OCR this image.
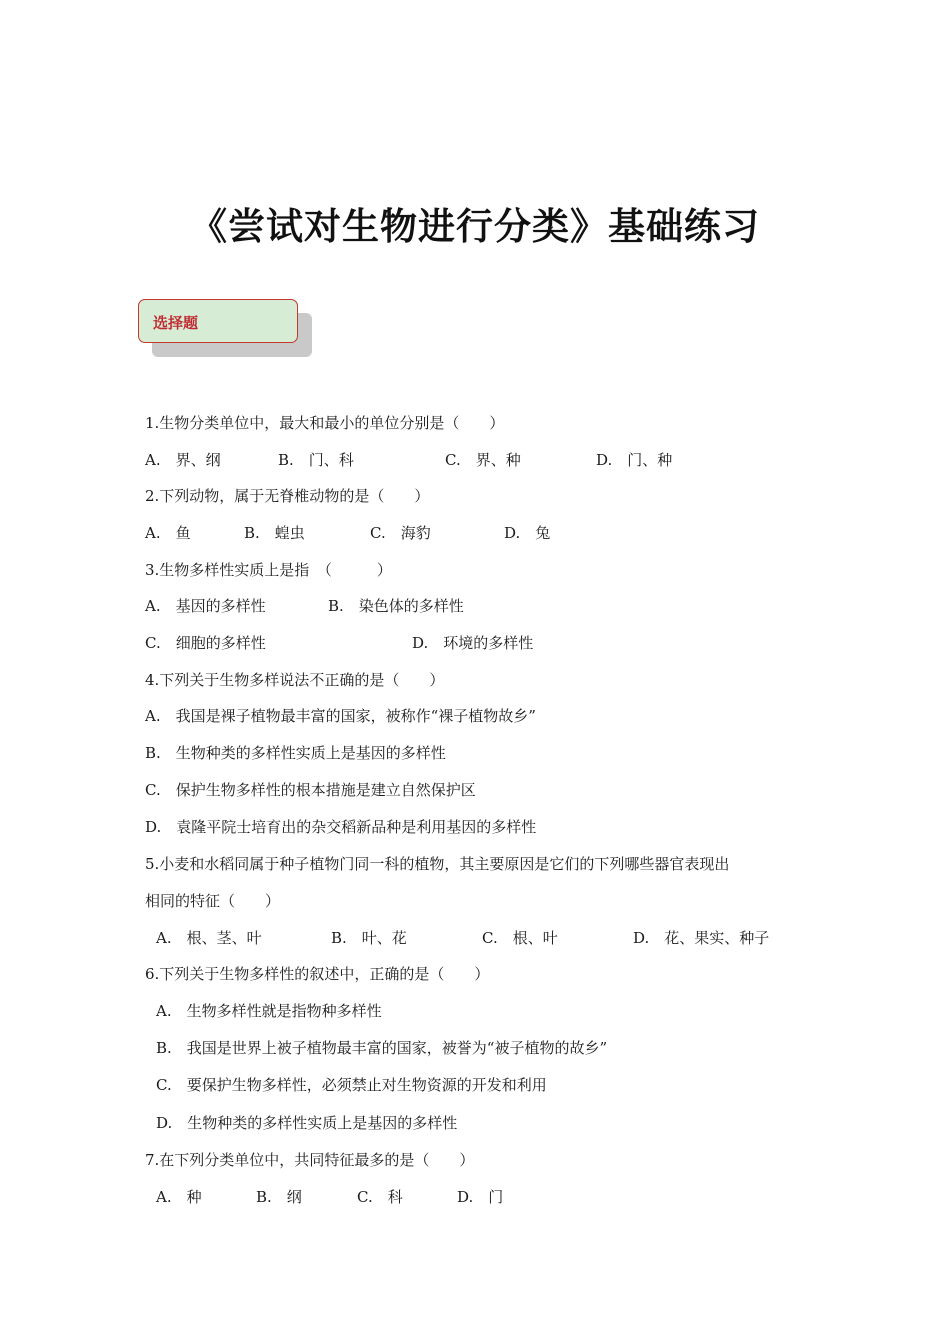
《尝试对生物进行分类》基础练习
选择题
1.生物分类单位中，最大和最小的单位分别是（　　）
A.　界、纲	B.　门、科	C.　界、种	D.　门、种
2.下列动物，属于无脊椎动物的是（　　）
A.　鱼	B.　蝗虫	C.　海豹	D.　兔
3.生物多样性实质上是指　（　　　）
A.　基因的多样性	B.　染色体的多样性
C.　细胞的多样性	D.　环境的多样性
4.下列关于生物多样说法不正确的是（　　）
A.　我国是裸子植物最丰富的国家，被称作“裸子植物故乡”
B.　生物种类的多样性实质上是基因的多样性
C.　保护生物多样性的根本措施是建立自然保护区
D.　袁隆平院士培育出的杂交稻新品种是利用基因的多样性
5.小麦和水稻同属于种子植物门同一科的植物，其主要原因是它们的下列哪些器官表现出
相同的特征（　　）
A.　根、茎、叶	B.　叶、花	C.　根、叶	D.　花、果实、种子
6.下列关于生物多样性的叙述中，正确的是（　　）
A.　生物多样性就是指物种多样性
B.　我国是世界上被子植物最丰富的国家，被誉为“被子植物的故乡”
C.　要保护生物多样性，必须禁止对生物资源的开发和利用
D.　生物种类的多样性实质上是基因的多样性
7.在下列分类单位中，共同特征最多的是（　　）
A.　种	B.　纲	C.　科	D.　门
